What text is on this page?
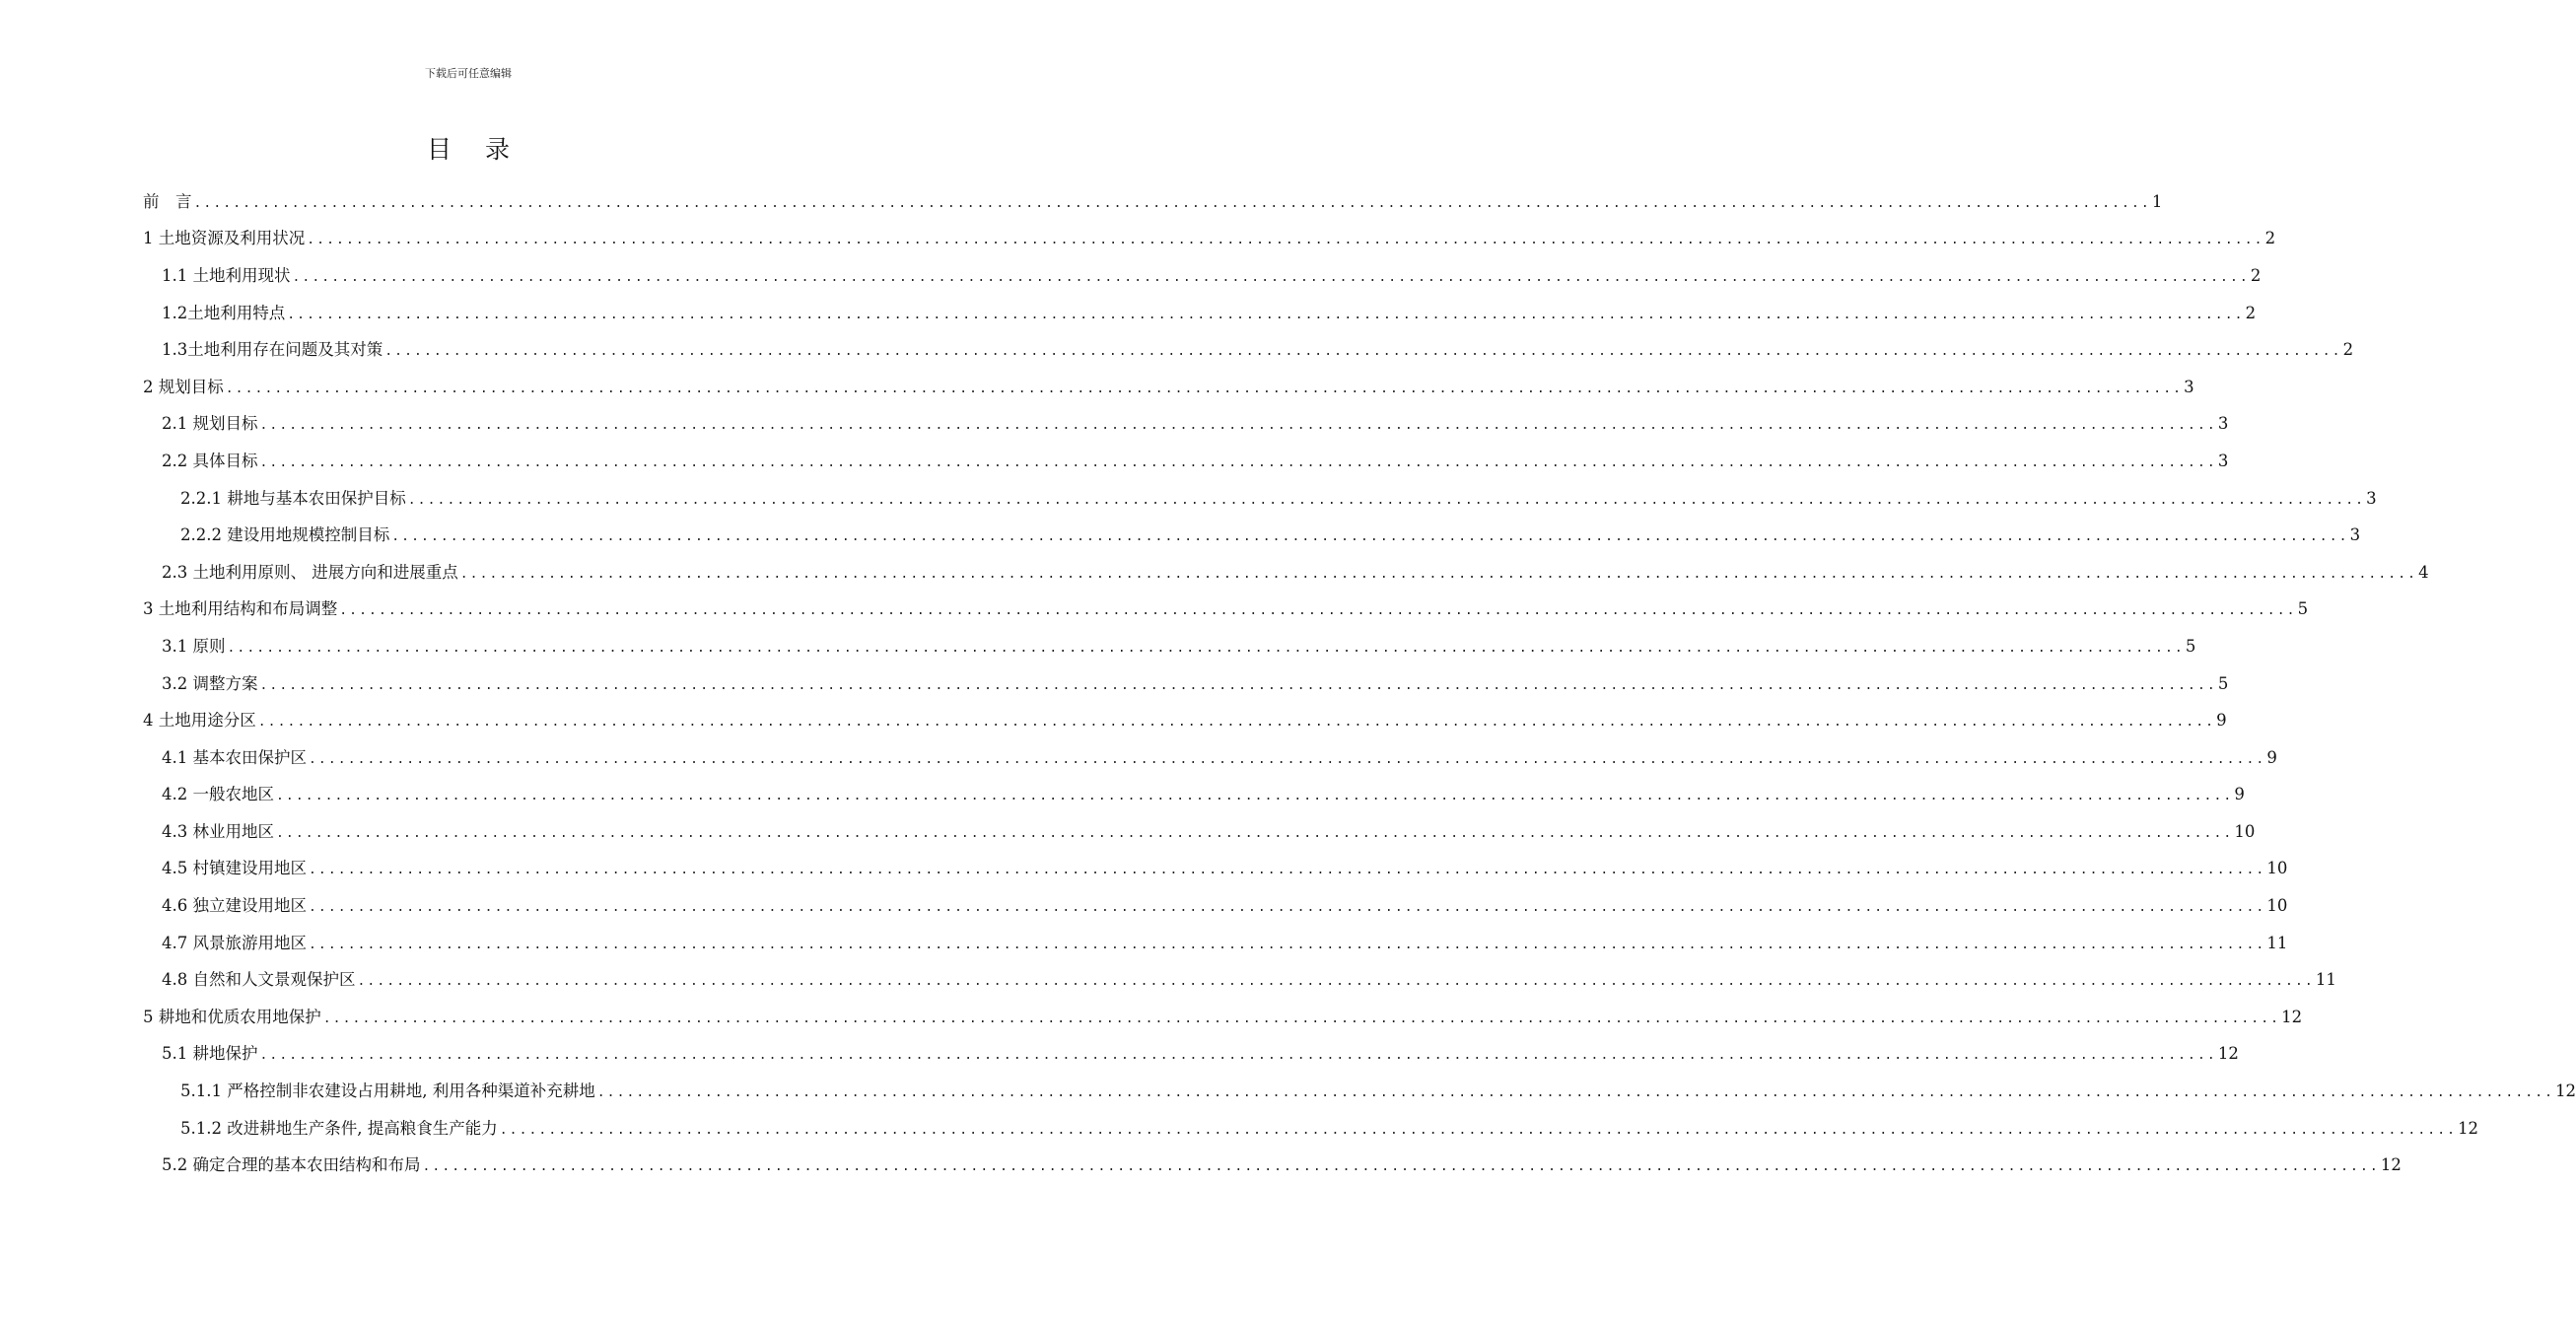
下载后可任意编辑
目录
前　言 ........................................................................................................................................................................................................ 1
1 土地资源及利用状况 ........................................................................................................................................................................................................ 2
1.1 土地利用现状 ........................................................................................................................................................................................................ 2
1.2土地利用特点 ........................................................................................................................................................................................................ 2
1.3土地利用存在问题及其对策 ........................................................................................................................................................................................................ 2
2 规划目标 ........................................................................................................................................................................................................ 3
2.1 规划目标 ........................................................................................................................................................................................................ 3
2.2 具体目标 ........................................................................................................................................................................................................ 3
2.2.1 耕地与基本农田保护目标 ........................................................................................................................................................................................................ 3
2.2.2 建设用地规模控制目标 ........................................................................................................................................................................................................ 3
2.3 土地利用原则、 进展方向和进展重点 ........................................................................................................................................................................................................ 4
3 土地利用结构和布局调整 ........................................................................................................................................................................................................ 5
3.1 原则 ........................................................................................................................................................................................................ 5
3.2 调整方案 ........................................................................................................................................................................................................ 5
4 土地用途分区 ........................................................................................................................................................................................................ 9
4.1 基本农田保护区 ........................................................................................................................................................................................................ 9
4.2 一般农地区 ........................................................................................................................................................................................................ 9
4.3 林业用地区 ........................................................................................................................................................................................................ 10
4.5 村镇建设用地区 ........................................................................................................................................................................................................ 10
4.6 独立建设用地区 ........................................................................................................................................................................................................ 10
4.7 风景旅游用地区 ........................................................................................................................................................................................................ 11
4.8 自然和人文景观保护区 ........................................................................................................................................................................................................ 11
5 耕地和优质农用地保护 ........................................................................................................................................................................................................ 12
5.1 耕地保护 ........................................................................................................................................................................................................ 12
5.1.1 严格控制非农建设占用耕地, 利用各种渠道补充耕地 ........................................................................................................................................................................................................ 12
5.1.2 改进耕地生产条件, 提高粮食生产能力 ........................................................................................................................................................................................................ 12
5.2 确定合理的基本农田结构和布局 ........................................................................................................................................................................................................ 12
